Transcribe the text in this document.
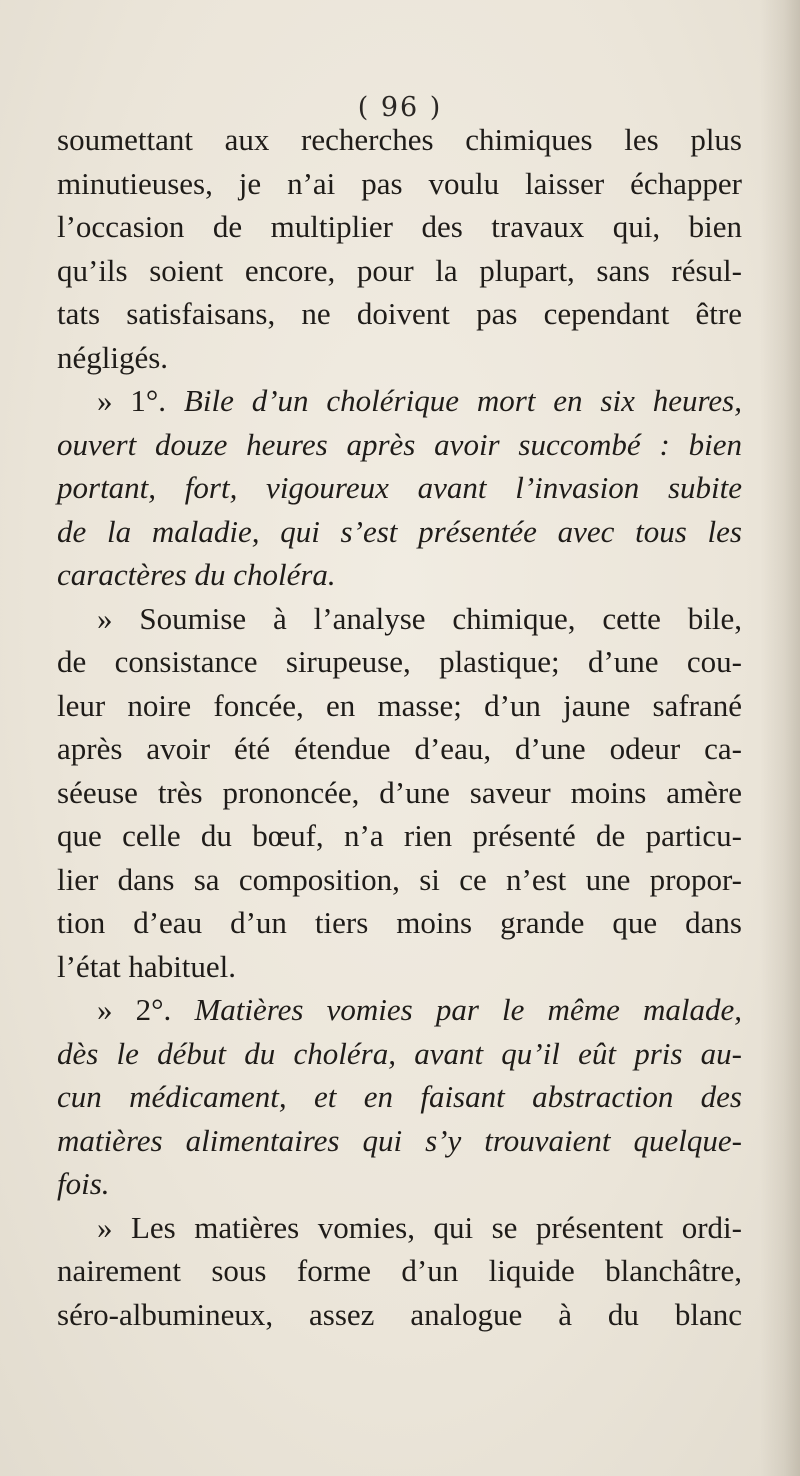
( 96 )
soumettant aux recherches chimiques les plus
minutieuses, je n’ai pas voulu laisser échapper
l’occasion de multiplier des travaux qui, bien
qu’ils soient encore, pour la plupart, sans résul-
tats satisfaisans, ne doivent pas cependant être
négligés.
» 1°. Bile d’un cholérique mort en six heures,
ouvert douze heures après avoir succombé : bien
portant, fort, vigoureux avant l’invasion subite
de la maladie, qui s’est présentée avec tous les
caractères du choléra.
» Soumise à l’analyse chimique, cette bile,
de consistance sirupeuse, plastique; d’une cou-
leur noire foncée, en masse; d’un jaune safrané
après avoir été étendue d’eau, d’une odeur ca-
séeuse très prononcée, d’une saveur moins amère
que celle du bœuf, n’a rien présenté de particu-
lier dans sa composition, si ce n’est une propor-
tion d’eau d’un tiers moins grande que dans
l’état habituel.
» 2°. Matières vomies par le même malade,
dès le début du choléra, avant qu’il eût pris au-
cun médicament, et en faisant abstraction des
matières alimentaires qui s’y trouvaient quelque-
fois.
» Les matières vomies, qui se présentent ordi-
nairement sous forme d’un liquide blanchâtre,
séro-albumineux, assez analogue à du blanc
